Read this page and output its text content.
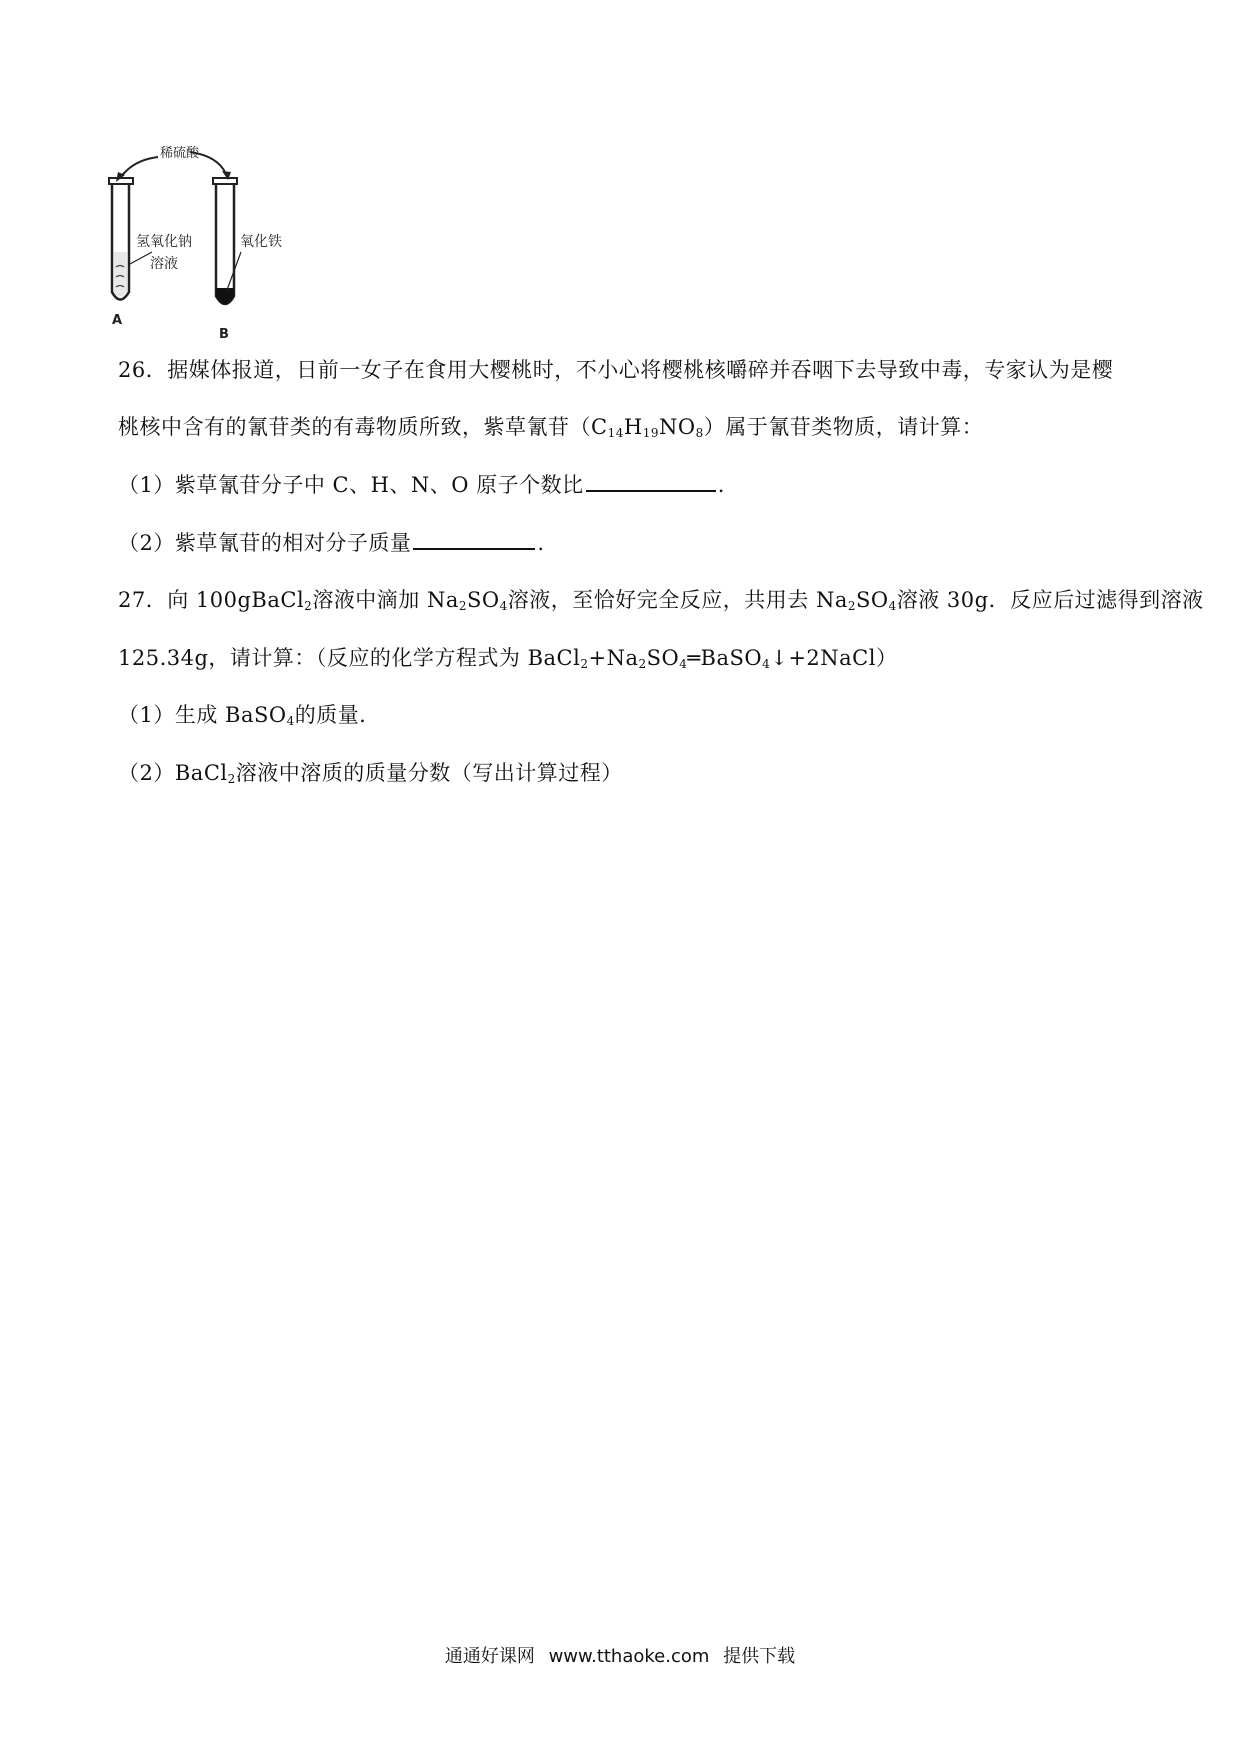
稀硫酸
氢氧化钠
溶液
A
氧化铁
B
26．据媒体报道，日前一女子在食用大樱桃时，不小心将樱桃核嚼碎并吞咽下去导致中毒，专家认为是樱
桃核中含有的氰苷类的有毒物质所致，紫草氰苷$(C_{14}H_{19}NO_8)$属于氰苷类物质，请计算：
（1）紫草氰苷分子中 C、H、N、O 原子个数比	.
（2）紫草氰苷的相对分子质量	.
27．向 100gBaCl$_2$溶液中滴加 $Na_2SO_4$溶液，至恰好完全反应，共用去 $Na_2SO_4$溶液 30g．反应后过滤得到溶液
125.34g，请计算：（反应的化学方程式为 $BaCl_2+Na_2SO_4═BaSO_4↓+2NaCl$）
（1）生成 BaSO$_4$的质量．
（2）BaCl$_2$溶液中溶质的质量分数（写出计算过程）
通通好课网 www.tthaoke.com 提供下载
